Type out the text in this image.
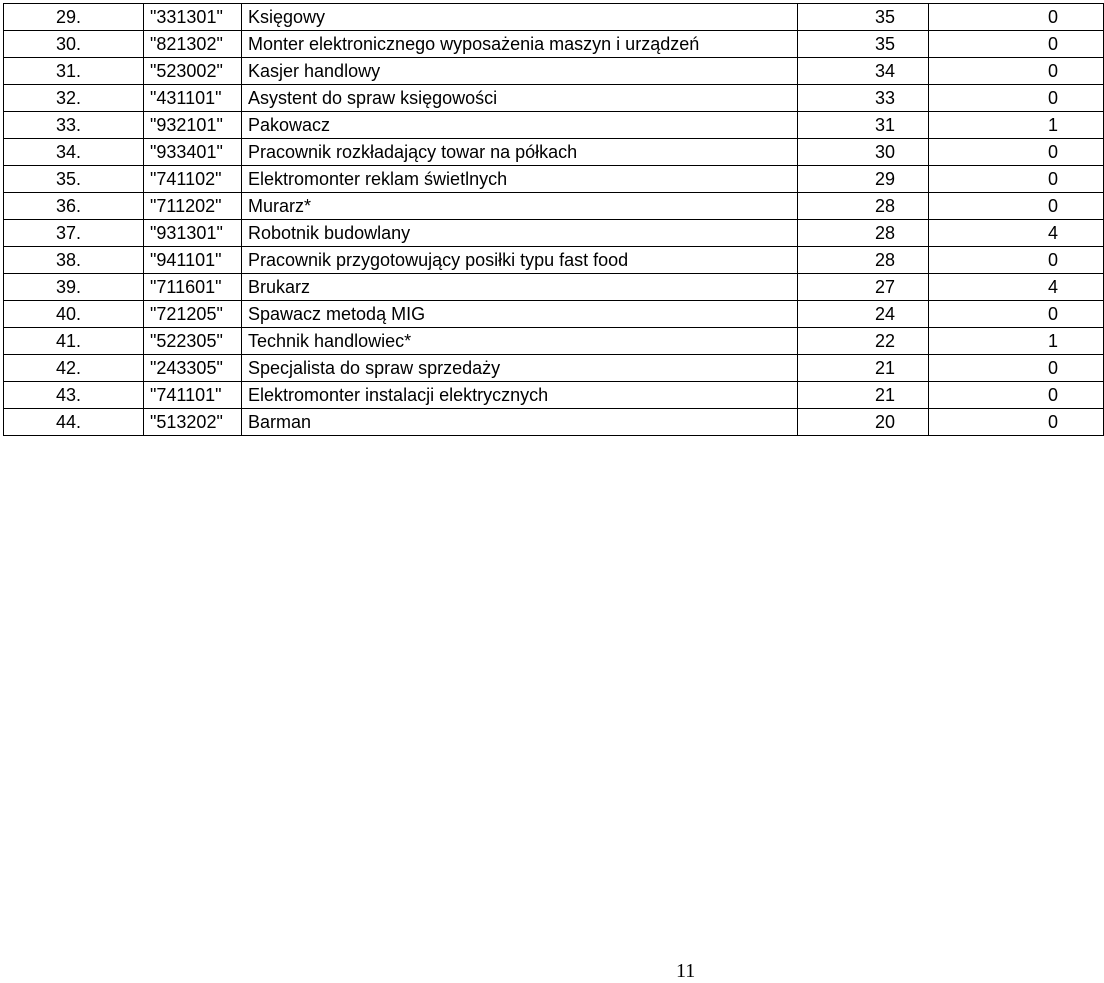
29.	"331301"	Księgowy	35	0
30.	"821302"	Monter elektronicznego wyposażenia maszyn i urządzeń	35	0
31.	"523002"	Kasjer handlowy	34	0
32.	"431101"	Asystent do spraw księgowości	33	0
33.	"932101"	Pakowacz	31	1
34.	"933401"	Pracownik rozkładający towar na półkach	30	0
35.	"741102"	Elektromonter reklam świetlnych	29	0
36.	"711202"	Murarz*	28	0
37.	"931301"	Robotnik budowlany	28	4
38.	"941101"	Pracownik przygotowujący posiłki typu fast food	28	0
39.	"711601"	Brukarz	27	4
40.	"721205"	Spawacz metodą MIG	24	0
41.	"522305"	Technik handlowiec*	22	1
42.	"243305"	Specjalista do spraw sprzedaży	21	0
43.	"741101"	Elektromonter instalacji elektrycznych	21	0
44.	"513202"	Barman	20	0
11
